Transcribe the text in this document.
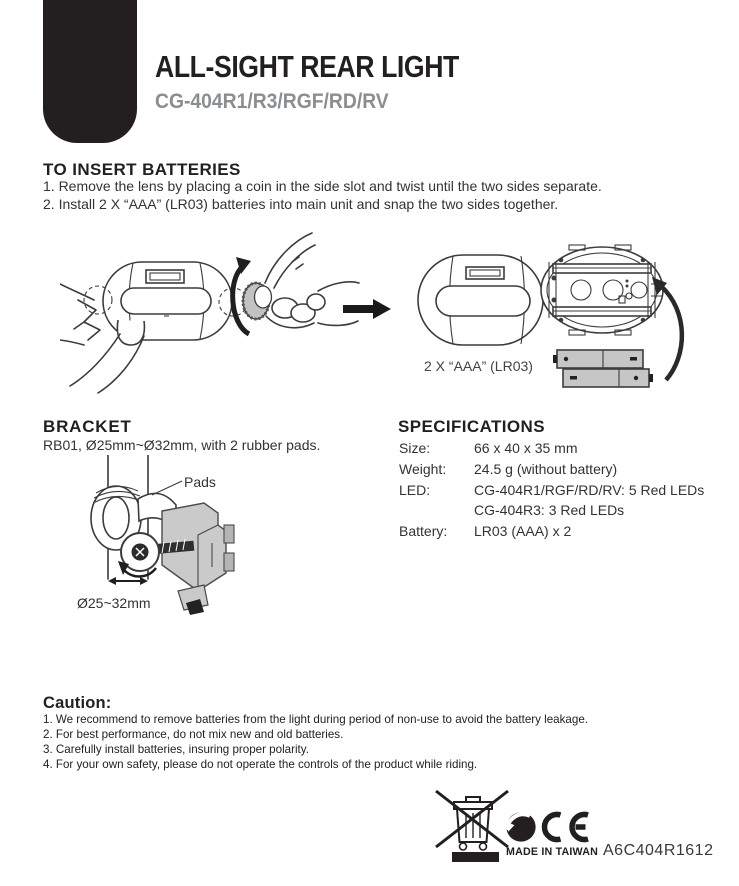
ALL-SIGHT REAR LIGHT
CG-404R1/R3/RGF/RD/RV
TO INSERT BATTERIES
1. Remove the lens by placing a coin in the side slot and twist until the two sides separate.
2. Install 2 X “AAA” (LR03) batteries into main unit and snap the two sides together.
2 X “AAA” (LR03)
BRACKET
RB01, Ø25mm~Ø32mm, with 2 rubber pads.
Pads
Ø25~32mm
SPECIFICATIONS
Size:	66 x 40 x 35 mm
Weight: 24.5 g (without battery)
LED:	CG-404R1/RGF/RD/RV: 5 Red LEDs
CG-404R3: 3 Red LEDs
Battery: LR03 (AAA) x 2
Caution:
1. We recommend to remove batteries from the light during period of non-use to avoid the battery leakage.
2. For best performance, do not mix new and old batteries.
3. Carefully install batteries, insuring proper polarity.
4. For your own safety, please do not operate the controls of the product while riding.
MADE IN TAIWAN A6C404R1612
